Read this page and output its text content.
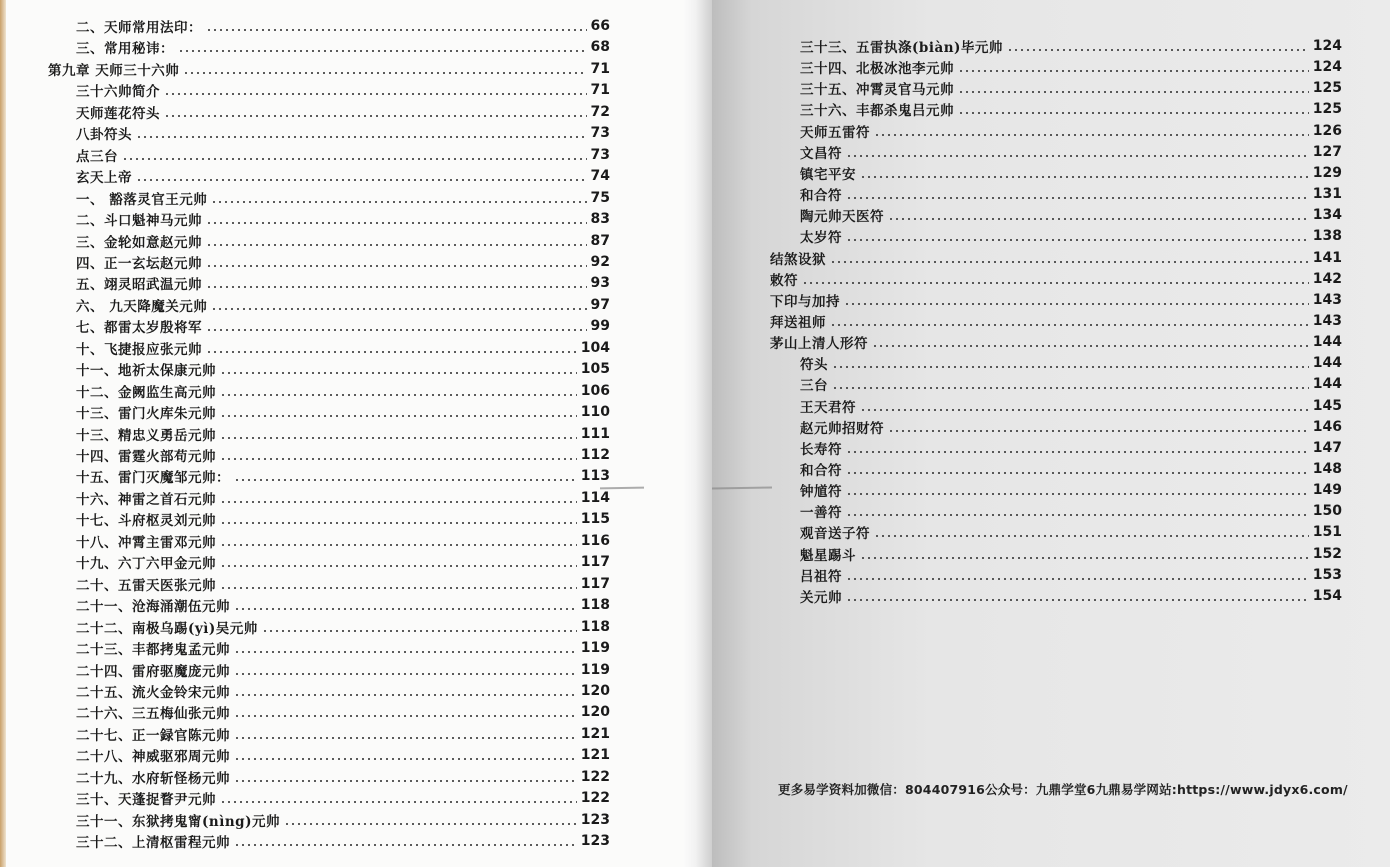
二、天师常用法印：	66
三、常用秘讳：	68
第九章 天师三十六帅	71
三十六帅简介	71
天师莲花符头	72
八卦符头	73
点三台	73
玄天上帝	74
一、 豁落灵官王元帅	75
二、斗口魁神马元帅	83
三、金轮如意赵元帅	87
四、正一玄坛赵元帅	92
五、翊灵昭武温元帅	93
六、 九天降魔关元帅	97
七、都雷太岁殷将军	99
十、飞捷报应张元帅	104
十一、地祈太保康元帅	105
十二、金阙监生高元帅	106
十三、雷门火库朱元帅	110
十三、精忠义勇岳元帅	111
十四、雷霆火部苟元帅	112
十五、雷门灭魔邹元帅：	113
十六、神雷之首石元帅	114
十七、斗府枢灵刘元帅	115
十八、冲霄主雷邓元帅	116
十九、六丁六甲金元帅	117
二十、五雷天医张元帅	117
二十一、沧海涌潮伍元帅	118
二十二、南极乌踢(yì)吴元帅	118
二十三、丰都拷鬼孟元帅	119
二十四、雷府驱魔庞元帅	119
二十五、流火金铃宋元帅	120
二十六、三五梅仙张元帅	120
二十七、正一録官陈元帅	121
二十八、神威驱邪周元帅	121
二十九、水府斩怪杨元帅	122
三十、天蓬捉瞀尹元帅	122
三十一、东狱拷鬼甯(nìng)元帅	123
三十二、上清枢雷程元帅	123
三十三、五雷执涤(biàn)毕元帅	124
三十四、北极冰池李元帅	124
三十五、冲霄灵官马元帅	125
三十六、丰都杀鬼吕元帅	125
天师五雷符	126
文昌符	127
镇宅平安	129
和合符	131
陶元帅天医符	134
太岁符	138
结煞设狱	141
敕符	142
下印与加持	143
拜送祖师	143
茅山上清人形符	144
符头	144
三台	144
王天君符	145
赵元帅招财符	146
长寿符	147
和合符	148
钟馗符	149
一善符	150
观音送子符	151
魁星踢斗	152
吕祖符	153
关元帅	154
更多易学资料加微信：804407916公众号：九鼎学堂6九鼎易学网站:https://www.jdyx6.com/
